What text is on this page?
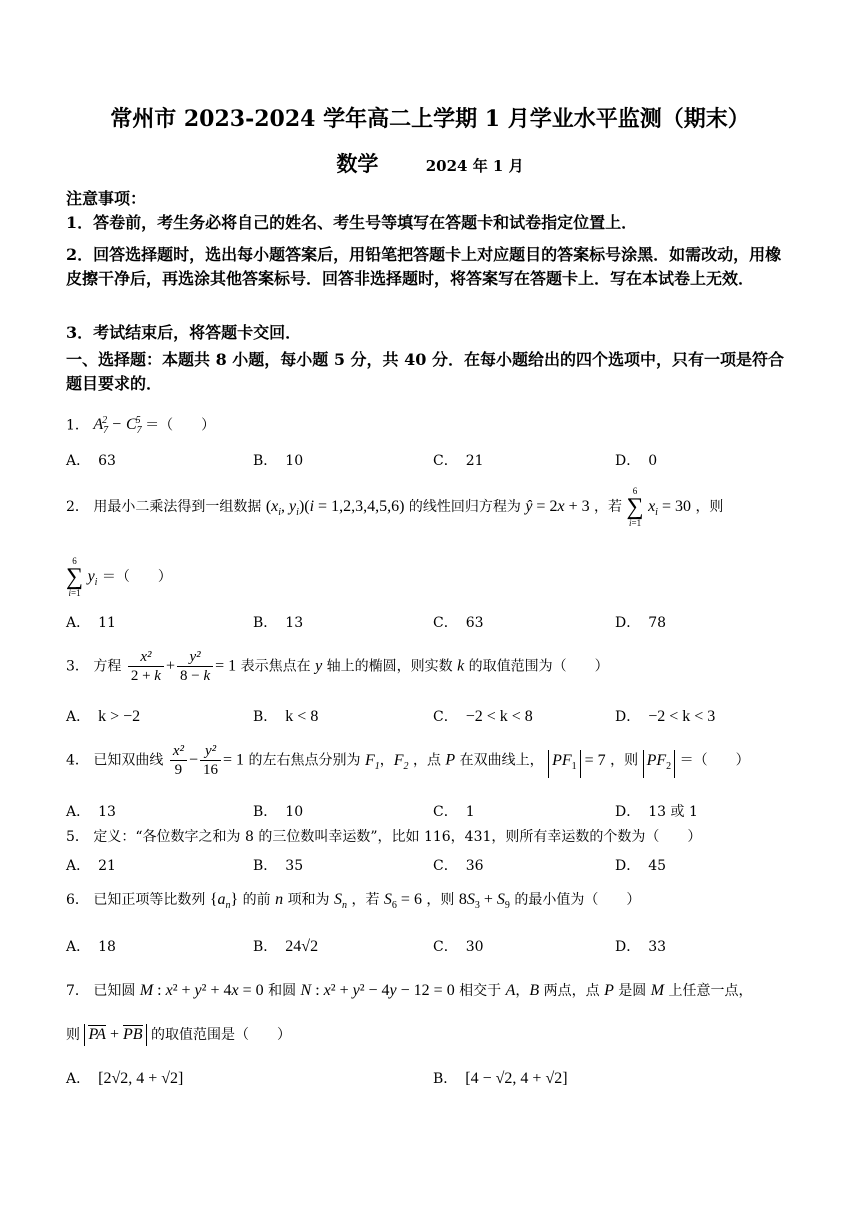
常州市 2023-2024 学年高二上学期 1 月学业水平监测（期末）
数学	2024 年 1 月
注意事项：
1．答卷前，考生务必将自己的姓名、考生号等填写在答题卡和试卷指定位置上．
2．回答选择题时，选出每小题答案后，用铅笔把答题卡上对应题目的答案标号涂黑．如需改动，用橡皮擦干净后，再选涂其他答案标号．回答非选择题时，将答案写在答题卡上．写在本试卷上无效．
3．考试结束后，将答题卡交回．
一、选择题：本题共 8 小题，每小题 5 分，共 40 分．在每小题给出的四个选项中，只有一项是符合题目要求的．
1． $A_7^2 - C_7^5$ ＝（　　）
A． 63	B． 10	C． 21	D． 0
2． 用最小二乘法得到一组数据 ($x_i$, $y_i)(i = 1,2,3,4,5,6)$ 的线性回归方程为 ŷ = 2x + 3 ，若
6
∑
i=1
$x_i = 30$ ，则
6
∑
i=1
$y_i$ ＝（　　）
A． 11	B． 13	C． 63	D． 78
3． 方程 $\frac{\text{x²}}{2 + k} + \frac{\text{y²}}{8 - k} = 1$ 表示焦点在 y 轴上的椭圆，则实数 k 的取值范围为（　　）
A． k > −2	B． k < 8	C． −2 < k < 8	D． −2 < k < 3
4． 已知双曲线 $\frac{\text{x²}}{9} - \frac{\text{y²}}{16} = 1$ 的左右焦点分别为 $F_1$，$F_2$ ，点 P 在双曲线上， $PF_1 = 7$ ，则 $PF_2$ ＝（　　）
A． 13	B． 10	C． 1	D． 13 或 1
5． 定义：“各位数字之和为 8 的三位数叫幸运数”，比如 116，431，则所有幸运数的个数为（　　）
A． 21	B． 35	C． 36	D． 45
6． 已知正项等比数列 $\{a_n\}$ 的前 n 项和为 $S_n$ ，若 $S_6 = 6$ ，则 $8S_3 + S_9$ 的最小值为（　　）
A． 18	B． 24√2	C． 30	D． 33
7． 已知圆 M : x² + y² + 4x = 0 和圆 N : x² + y² − 4y − 12 = 0 相交于 A，B 两点，点 P 是圆 M 上任意一点，
则 PA + PB 的取值范围是（　　）
A． [2√2, 4 + √2]	B． [4 − √2, 4 + √2]
